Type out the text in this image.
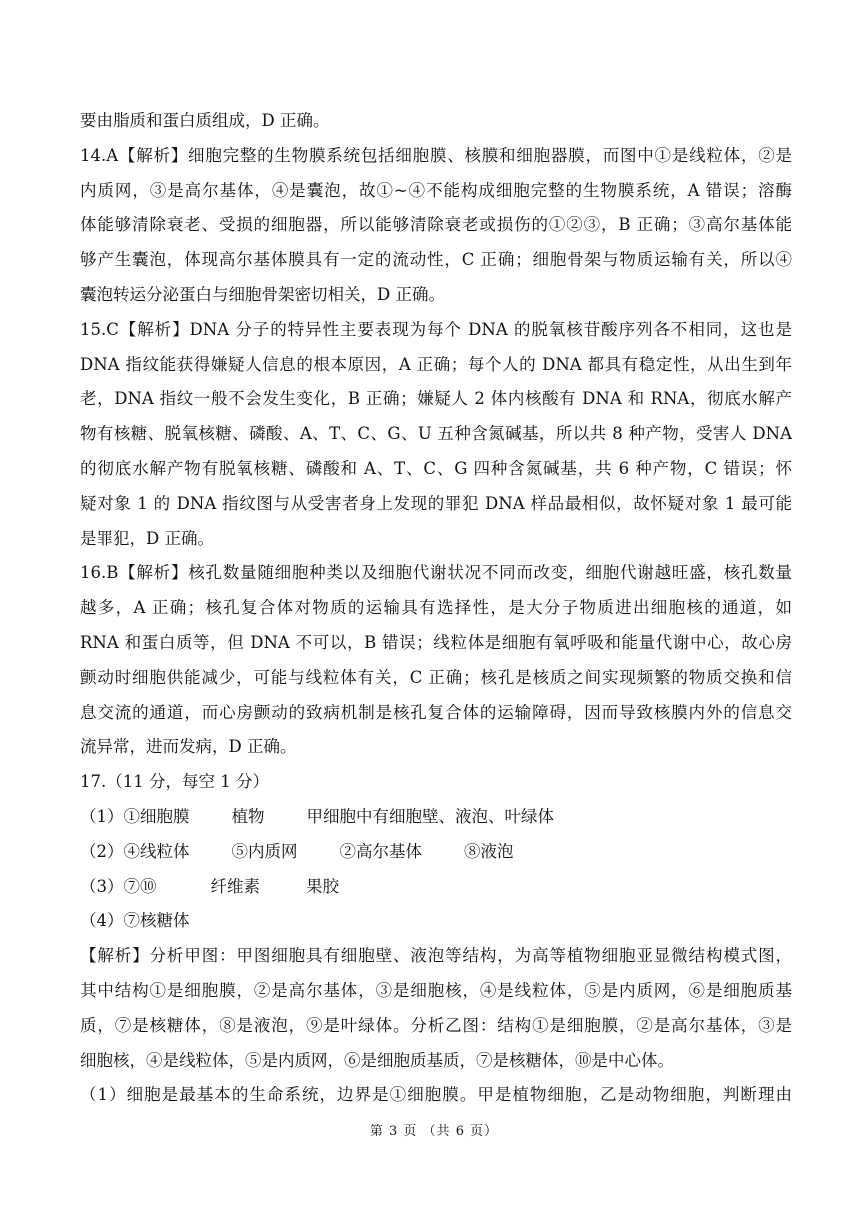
要由脂质和蛋白质组成，D 正确。
14.A【解析】细胞完整的生物膜系统包括细胞膜、核膜和细胞器膜，而图中①是线粒体，②是
内质网，③是高尔基体，④是囊泡，故①~④不能构成细胞完整的生物膜系统，A 错误；溶酶
体能够清除衰老、受损的细胞器，所以能够清除衰老或损伤的①②③，B 正确；③高尔基体能
够产生囊泡，体现高尔基体膜具有一定的流动性，C 正确；细胞骨架与物质运输有关，所以④
囊泡转运分泌蛋白与细胞骨架密切相关，D 正确。
15.C【解析】DNA 分子的特异性主要表现为每个 DNA 的脱氧核苷酸序列各不相同，这也是
DNA 指纹能获得嫌疑人信息的根本原因，A 正确；每个人的 DNA 都具有稳定性，从出生到年
老，DNA 指纹一般不会发生变化，B 正确；嫌疑人 2 体内核酸有 DNA 和 RNA，彻底水解产
物有核糖、脱氧核糖、磷酸、A、T、C、G、U 五种含氮碱基，所以共 8 种产物，受害人 DNA
的彻底水解产物有脱氧核糖、磷酸和 A、T、C、G 四种含氮碱基，共 6 种产物，C 错误；怀
疑对象 1 的 DNA 指纹图与从受害者身上发现的罪犯 DNA 样品最相似，故怀疑对象 1 最可能
是罪犯，D 正确。
16.B【解析】核孔数量随细胞种类以及细胞代谢状况不同而改变，细胞代谢越旺盛，核孔数量
越多，A 正确；核孔复合体对物质的运输具有选择性，是大分子物质进出细胞核的通道，如
RNA 和蛋白质等，但 DNA 不可以，B 错误；线粒体是细胞有氧呼吸和能量代谢中心，故心房
颤动时细胞供能减少，可能与线粒体有关，C 正确；核孔是核质之间实现频繁的物质交换和信
息交流的通道，而心房颤动的致病机制是核孔复合体的运输障碍，因而导致核膜内外的信息交
流异常，进而发病，D 正确。
17.（11 分，每空 1 分）
（1）①细胞膜	植物	甲细胞中有细胞壁、液泡、叶绿体
（2）④线粒体	⑤内质网	②高尔基体	⑧液泡
（3）⑦⑩	纤维素	果胶
（4）⑦核糖体
【解析】分析甲图：甲图细胞具有细胞壁、液泡等结构，为高等植物细胞亚显微结构模式图，
其中结构①是细胞膜，②是高尔基体，③是细胞核，④是线粒体，⑤是内质网，⑥是细胞质基
质，⑦是核糖体，⑧是液泡，⑨是叶绿体。分析乙图：结构①是细胞膜，②是高尔基体，③是
细胞核，④是线粒体，⑤是内质网，⑥是细胞质基质，⑦是核糖体，⑩是中心体。
（1）细胞是最基本的生命系统，边界是①细胞膜。甲是植物细胞，乙是动物细胞，判断理由
第 3 页 （共 6 页）
